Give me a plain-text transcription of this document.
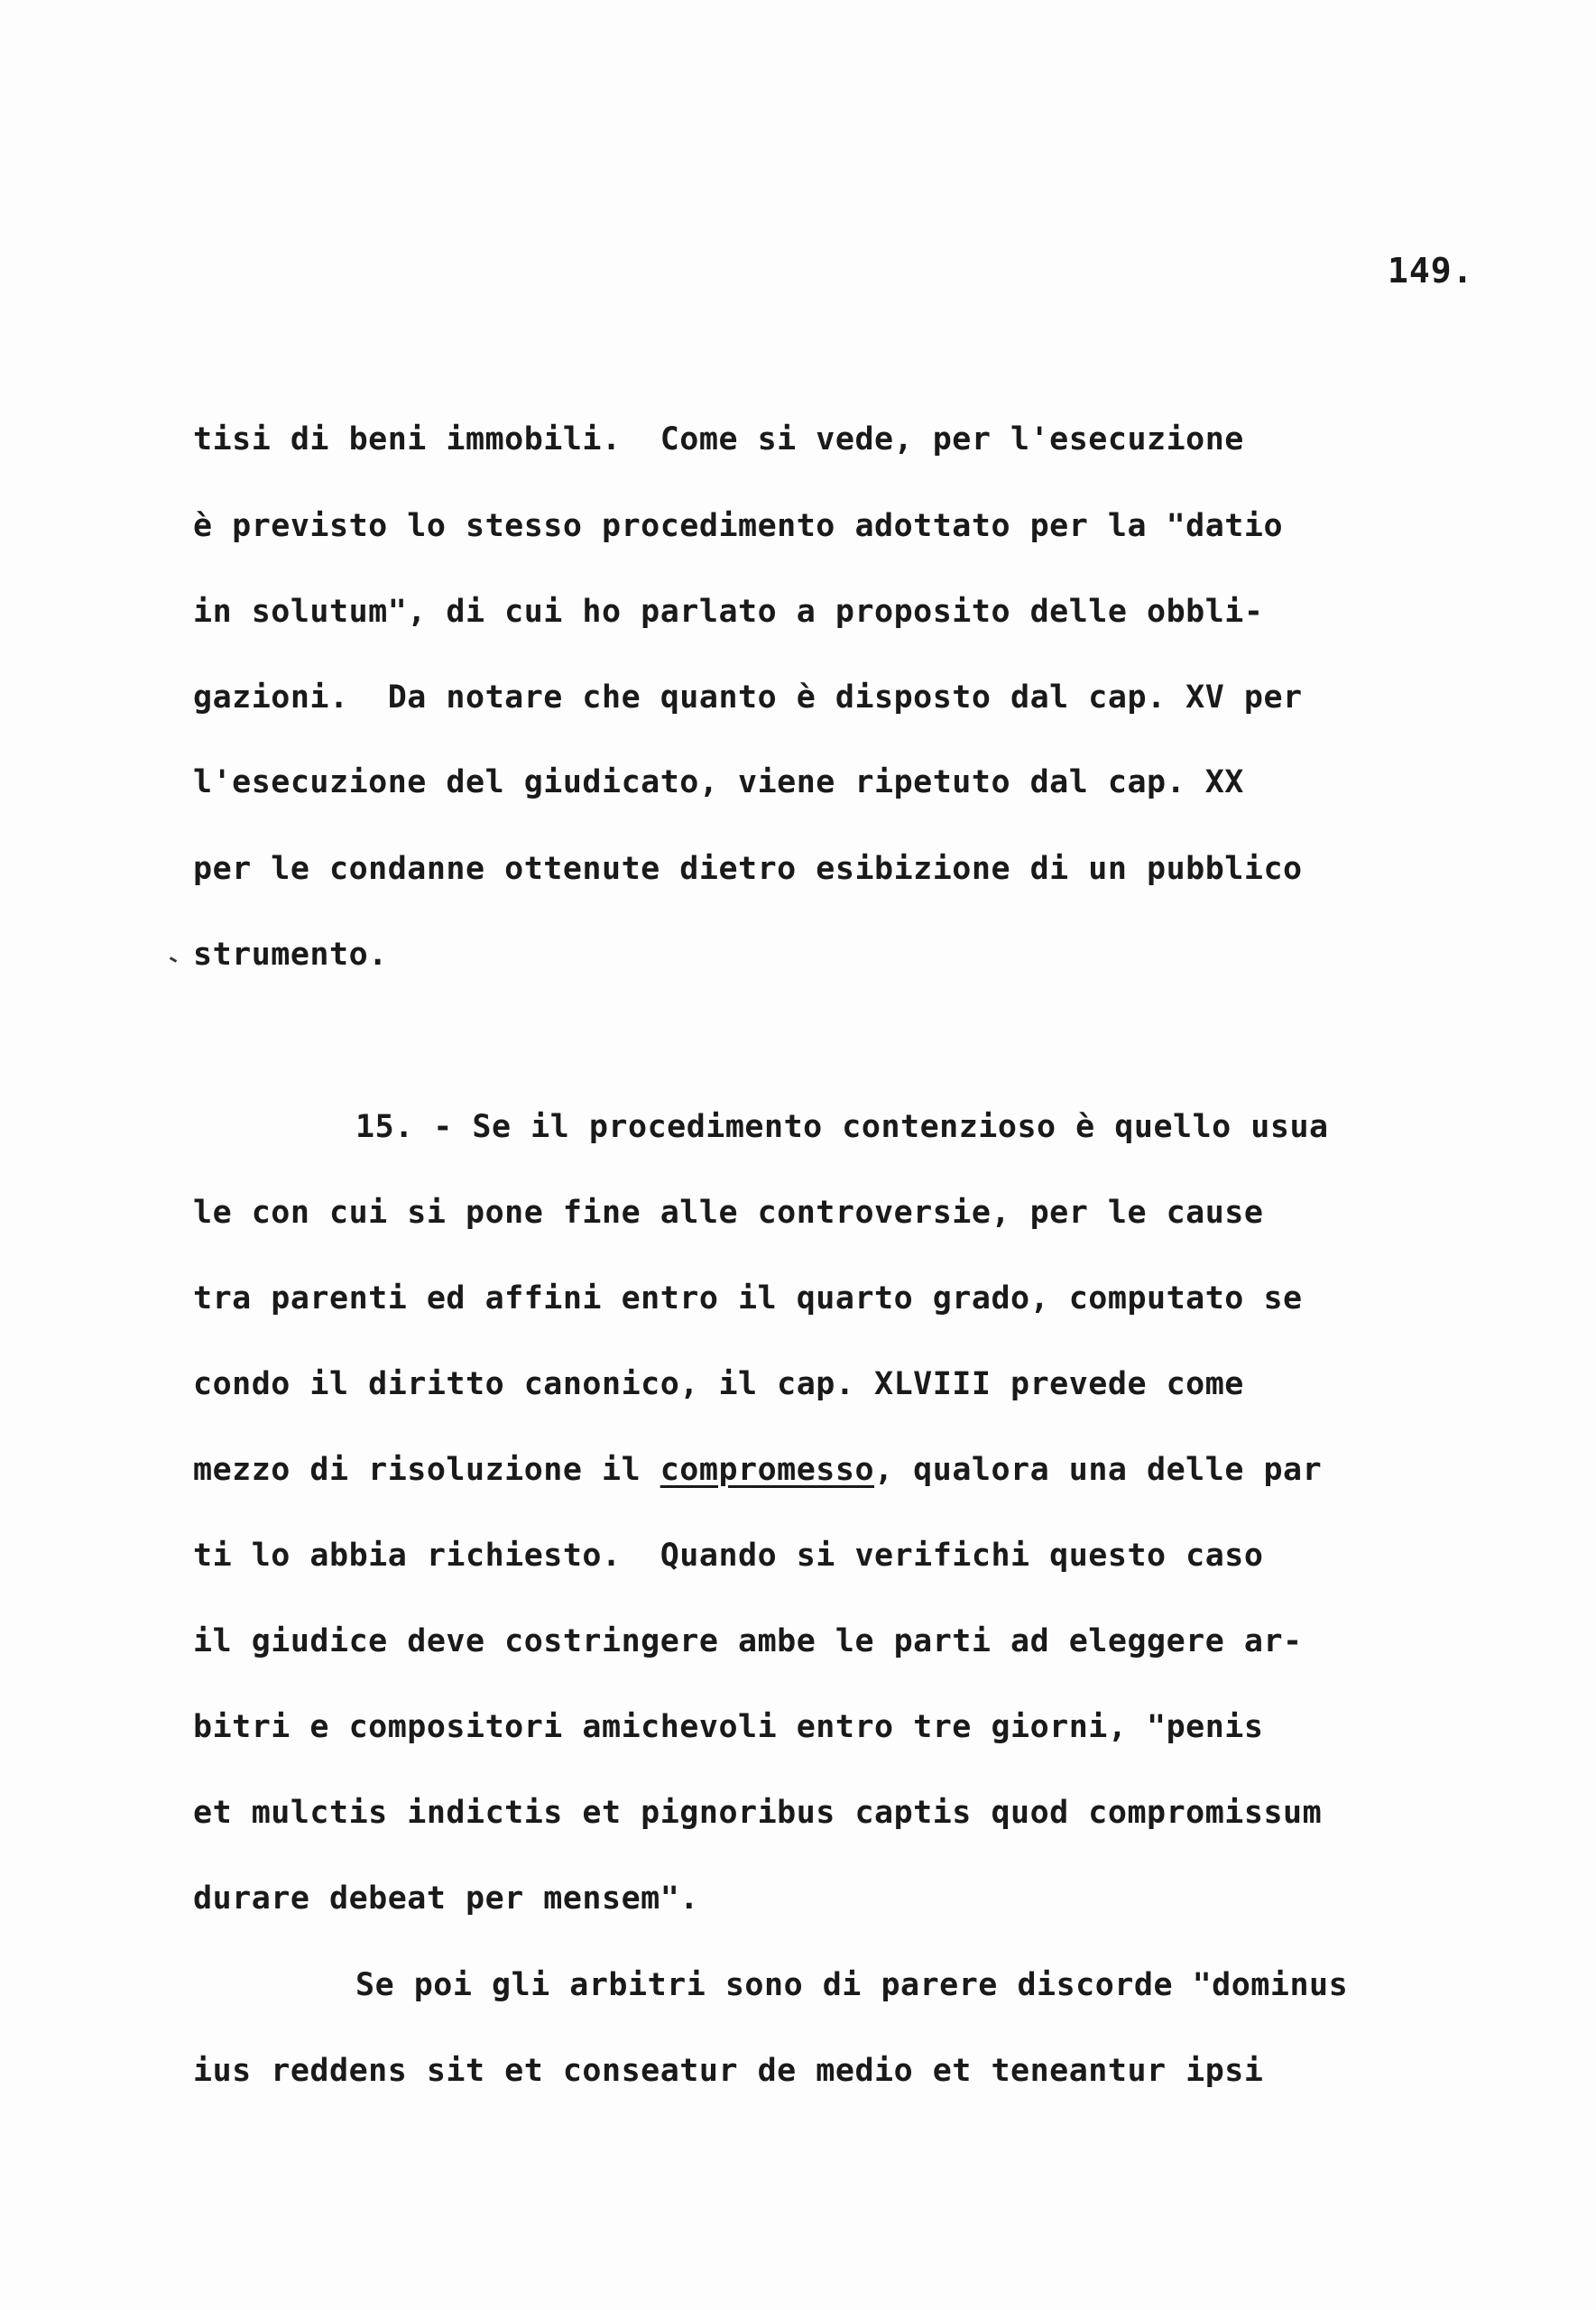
149.
tisi di beni immobili.  Come si vede, per l'esecuzione
è previsto lo stesso procedimento adottato per la "datio
in solutum", di cui ho parlato a proposito delle obbli-
gazioni.  Da notare che quanto è disposto dal cap. XV per
l'esecuzione del giudicato, viene ripetuto dal cap. XX
per le condanne ottenute dietro esibizione di un pubblico
strumento.
15. - Se il procedimento contenzioso è quello usua
le con cui si pone fine alle controversie, per le cause
tra parenti ed affini entro il quarto grado, computato se
condo il diritto canonico, il cap. XLVIII prevede come
mezzo di risoluzione il compromesso, qualora una delle par
ti lo abbia richiesto.  Quando si verifichi questo caso
il giudice deve costringere ambe le parti ad eleggere ar-
bitri e compositori amichevoli entro tre giorni, "penis
et mulctis indictis et pignoribus captis quod compromissum
durare debeat per mensem".
Se poi gli arbitri sono di parere discorde "dominus
ius reddens sit et conseatur de medio et teneantur ipsi
